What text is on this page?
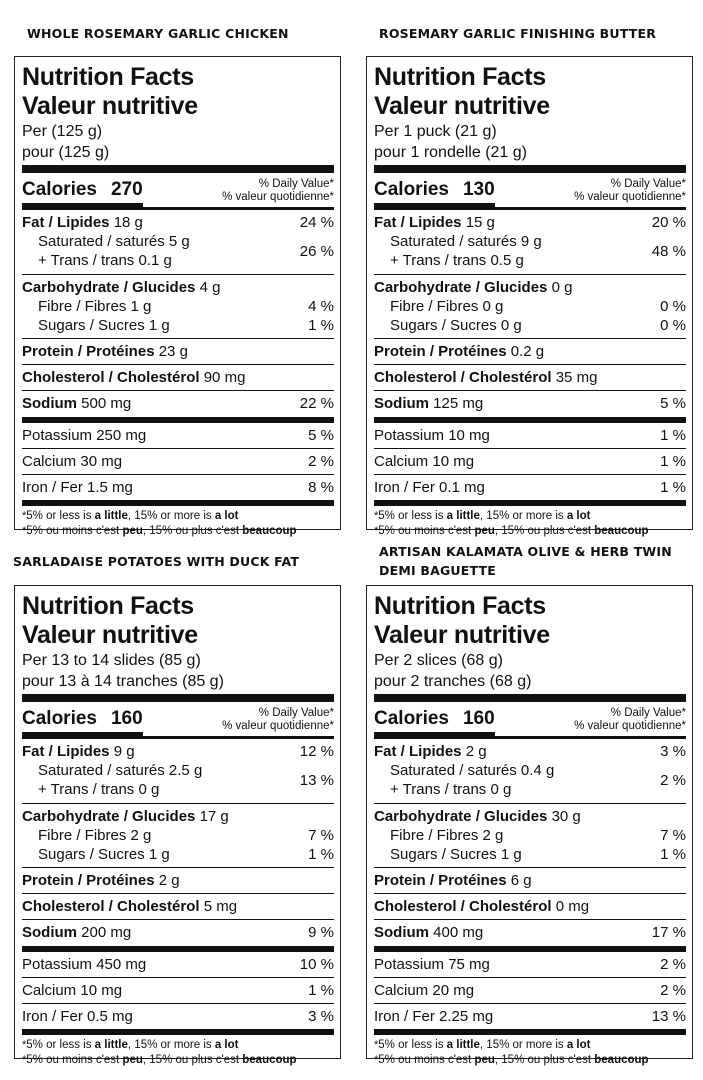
WHOLE ROSEMARY GARLIC CHICKEN	ROSEMARY GARLIC FINISHING BUTTER
SARLADAISE POTATOES WITH DUCK FAT
ARTISAN KALAMATA OLIVE & HERB TWIN DEMI BAGUETTE
Nutrition Facts
Valeur nutritive
Per (125 g)
pour (125 g)
Calories 270	% Daily Value*
% valeur quotidienne*
Fat / Lipides 18 g	24 %
Saturated / saturés 5 g
+ Trans / trans 0.1 g
26 %
Carbohydrate / Glucides 4 g
Fibre / Fibres 1 g	4 %
Sugars / Sucres 1 g	1 %
Protein / Protéines 23 g
Cholesterol / Cholestérol 90 mg
Sodium 500 mg	22 %
Potassium 250 mg	5 %
Calcium 30 mg	2 %
Iron / Fer 1.5 mg	8 %
*5% or less is a little, 15% or more is a lot
*5% ou moins c'est peu, 15% ou plus c'est beaucoup
Nutrition Facts
Valeur nutritive
Per 1 puck (21 g)
pour 1 rondelle (21 g)
Calories 130	% Daily Value*
% valeur quotidienne*
Fat / Lipides 15 g	20 %
Saturated / saturés 9 g
+ Trans / trans 0.5 g
48 %
Carbohydrate / Glucides 0 g
Fibre / Fibres 0 g	0 %
Sugars / Sucres 0 g	0 %
Protein / Protéines 0.2 g
Cholesterol / Cholestérol 35 mg
Sodium 125 mg	5 %
Potassium 10 mg	1 %
Calcium 10 mg	1 %
Iron / Fer 0.1 mg	1 %
*5% or less is a little, 15% or more is a lot
*5% ou moins c'est peu, 15% ou plus c'est beaucoup
Nutrition Facts
Valeur nutritive
Per 13 to 14 slides (85 g)
pour 13 à 14 tranches (85 g)
Calories 160	% Daily Value*
% valeur quotidienne*
Fat / Lipides 9 g	12 %
Saturated / saturés 2.5 g
+ Trans / trans 0 g
13 %
Carbohydrate / Glucides 17 g
Fibre / Fibres 2 g	7 %
Sugars / Sucres 1 g	1 %
Protein / Protéines 2 g
Cholesterol / Cholestérol 5 mg
Sodium 200 mg	9 %
Potassium 450 mg	10 %
Calcium 10 mg	1 %
Iron / Fer 0.5 mg	3 %
*5% or less is a little, 15% or more is a lot
*5% ou moins c'est peu, 15% ou plus c'est beaucoup
Nutrition Facts
Valeur nutritive
Per 2 slices (68 g)
pour 2 tranches (68 g)
Calories 160	% Daily Value*
% valeur quotidienne*
Fat / Lipides 2 g	3 %
Saturated / saturés 0.4 g
+ Trans / trans 0 g
2 %
Carbohydrate / Glucides 30 g
Fibre / Fibres 2 g	7 %
Sugars / Sucres 1 g	1 %
Protein / Protéines 6 g
Cholesterol / Cholestérol 0 mg
Sodium 400 mg	17 %
Potassium 75 mg	2 %
Calcium 20 mg	2 %
Iron / Fer 2.25 mg	13 %
*5% or less is a little, 15% or more is a lot
*5% ou moins c'est peu, 15% ou plus c'est beaucoup
